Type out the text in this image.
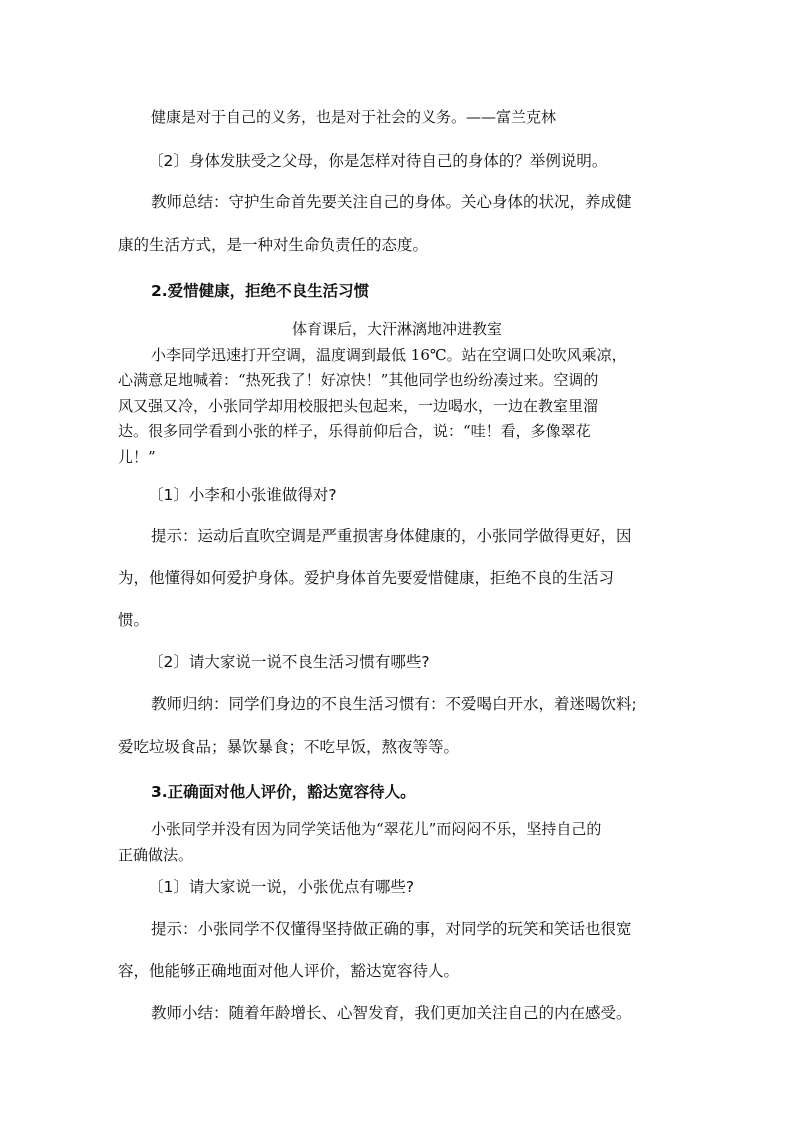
健康是对于自己的义务，也是对于社会的义务。——富兰克林
〔2〕身体发肤受之父母，你是怎样对待自己的身体的？举例说明。
教师总结：守护生命首先要关注自己的身体。关心身体的状况，养成健
康的生活方式，是一种对生命负责任的态度。
2.爱惜健康，拒绝不良生活习惯
体育课后，大汗淋漓地冲进教室
小李同学迅速打开空调，温度调到最低 16℃。站在空调口处吹风乘凉，
心满意足地喊着：“热死我了！好凉快！”其他同学也纷纷凑过来。空调的
风又强又冷，小张同学却用校服把头包起来，一边喝水，一边在教室里溜
达。很多同学看到小张的样子，乐得前仰后合，说：“哇！看，多像翠花
儿！”
〔1〕小李和小张谁做得对?
提示：运动后直吹空调是严重损害身体健康的，小张同学做得更好，因
为，他懂得如何爱护身体。爱护身体首先要爱惜健康，拒绝不良的生活习
惯。
〔2〕请大家说一说不良生活习惯有哪些?
教师归纳：同学们身边的不良生活习惯有：不爱喝白开水，着迷喝饮料;
爱吃垃圾食品；暴饮暴食；不吃早饭，熬夜等等。
3.正确面对他人评价，豁达宽容待人。
小张同学并没有因为同学笑话他为“翠花儿”而闷闷不乐，坚持自己的
正确做法。
〔1〕请大家说一说，小张优点有哪些?
提示：小张同学不仅懂得坚持做正确的事，对同学的玩笑和笑话也很宽
容，他能够正确地面对他人评价，豁达宽容待人。
教师小结：随着年龄增长、心智发育，我们更加关注自己的内在感受。
